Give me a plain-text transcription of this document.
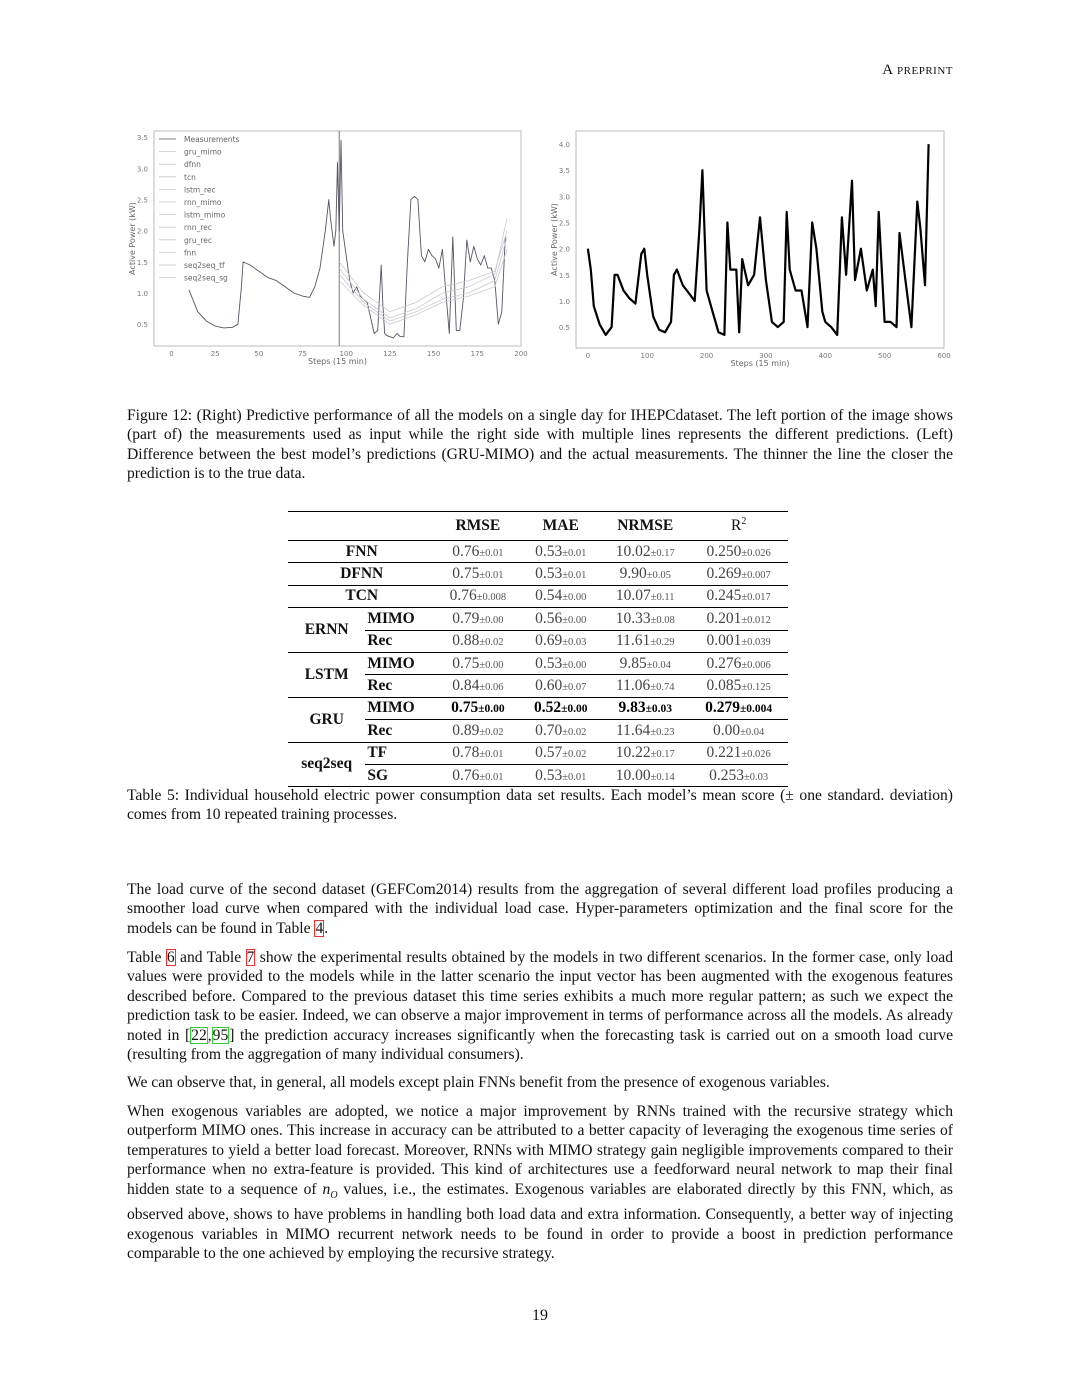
A preprint
0.5
1.0
1.5
2.0
2.5
3.0
3.5
0	25	50	75	100	125	150	175	200
Steps (15 min)
Active Power (kW)
Measurements
gru_mimo
dfnn
tcn
lstm_rec
rnn_mimo
lstm_mimo
rnn_rec
gru_rec
fnn
seq2seq_tf
seq2seq_sg
0.5
1.0
1.5
2.0
2.5
3.0
3.5
4.0
0	100	200	300	400	500	600
Steps (15 min)
Active Power (kW)
Figure 12: (Right) Predictive performance of all the models on a single day for IHEPCdataset. The left portion of the image shows (part of) the measurements used as input while the right side with multiple lines represents the different predictions. (Left) Difference between the best model’s predictions (GRU-MIMO) and the actual measurements. The thinner the line the closer the prediction is to the true data.
		RMSE	MAE	NRMSE	$R^2$
FNN		0.76±0.01	0.53±0.01	10.02±0.17	0.250±0.026
DFNN		0.75±0.01	0.53±0.01	9.90±0.05	0.269±0.007
TCN		0.76±0.008	0.54±0.00	10.07±0.11	0.245±0.017
ERNN	MIMO	0.79±0.00	0.56±0.00	10.33±0.08	0.201±0.012
	Rec	0.88±0.02	0.69±0.03	11.61±0.29	0.001±0.039
LSTM	MIMO	0.75±0.00	0.53±0.00	9.85±0.04	0.276±0.006
	Rec	0.84±0.06	0.60±0.07	11.06±0.74	0.085±0.125
GRU	MIMO	0.75±0.00	0.52±0.00	9.83±0.03	0.279±0.004
	Rec	0.89±0.02	0.70±0.02	11.64±0.23	0.00±0.04
seq2seq	TF	0.78±0.01	0.57±0.02	10.22±0.17	0.221±0.026
	SG	0.76±0.01	0.53±0.01	10.00±0.14	0.253±0.03
Table 5: Individual household electric power consumption data set results. Each model’s mean score (± one standard. deviation) comes from 10 repeated training processes.

The load curve of the second dataset (GEFCom2014) results from the aggregation of several different load profiles producing a smoother load curve when compared with the individual load case. Hyper-parameters optimization and the final score for the models can be found in Table 4.

Table 6 and Table 7 show the experimental results obtained by the models in two different scenarios. In the former case, only load values were provided to the models while in the latter scenario the input vector has been augmented with the exogenous features described before. Compared to the previous dataset this time series exhibits a much more regular pattern; as such we expect the prediction task to be easier. Indeed, we can observe a major improvement in terms of performance across all the models. As already noted in [22,95] the prediction accuracy increases significantly when the forecasting task is carried out on a smooth load curve (resulting from the aggregation of many individual consumers).

We can observe that, in general, all models except plain FNNs benefit from the presence of exogenous variables.

When exogenous variables are adopted, we notice a major improvement by RNNs trained with the recursive strategy which outperform MIMO ones. This increase in accuracy can be attributed to a better capacity of leveraging the exogenous time series of temperatures to yield a better load forecast. Moreover, RNNs with MIMO strategy gain negligible improvements compared to their performance when no extra-feature is provided. This kind of architectures use a feedforward neural network to map their final hidden state to a sequence of $n_O$ values, i.e., the estimates. Exogenous variables are elaborated directly by this FNN, which, as observed above, shows to have problems in handling both load data and extra information. Consequently, a better way of injecting exogenous variables in MIMO recurrent network needs to be found in order to provide a boost in prediction performance comparable to the one achieved by employing the recursive strategy.

19
